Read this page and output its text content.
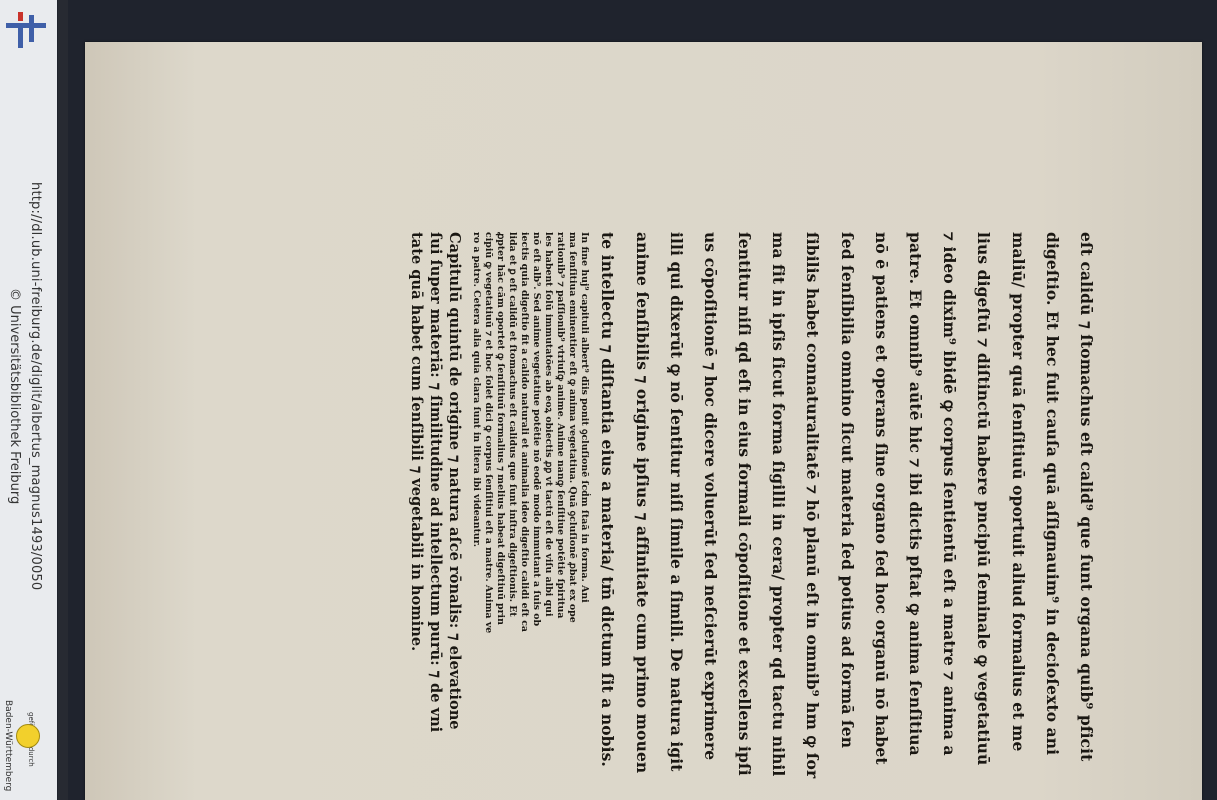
http://dl.ub.uni-freiburg.de/diglit/albertus_magnus1493/0050
© Universitätsbibliothek Freiburg
Baden-Württemberg	eſt calidū ⁊ ſtomachus eſt calid⁹ que ſunt organa quib⁹ pficit
digeſtio. Et hec fuit cauſa quā aſſignauim⁹ in decioſexto ani
maliū/ propter quā ſenſitiuū oportuit aliud formalius et me
lius digeſtū ⁊ diſtinctū habere pncipiū ſeminale ꝙ vegetatiuū
⁊ ideo dixim⁹ ibidē ꝙ corpus ſentientū eſt a matre ⁊ anima a
patre. Et omnib⁹ aūtē hic ⁊ ibi dictis pſtat ꝙ anima ſenſitiua
nō ē patiens et operans ſine organo ſed hoc organū nō habet
ſed ſenſibilia omnino ſicut materia ſed potius ad formā ſen
ſibilis habet connaturalitatē ⁊ hō planū eſt in omnib⁹ hm ꝙ ſor
ma fit in ipſis ſicut forma ſigilli in cera/ propter qd tactu nihil
ſentitur niſi qd eſt in eius formali cōpoſitione et excellens ipſi
us cōpoſitionē ⁊ hoc dicere voluerūt ſed neſcierūt exprimere
illi qui dixerūt ꝙ nō ſentitur niſi ſimile a ſimili. De natura igit
anime ſenſibilis ⁊ origine ipſius ⁊ affinitate cum primo mouen
te intellectu ⁊ diſtantia eius a materia/ tm̄ dictum ſit a nobis.
In fine huj⁹ capituli albert⁹ dīis ponit ꝯcluſionē ſcḋm ſtaā in forma. Ani
ma ſenſitiua eminentior eſt ꝙ anima vegetatiua. Quā ꝯcluſionē ꝓbat ex ope
rationib⁹ ⁊ paſſionib⁹ vtriuſꝙ anime. Anime nanꝙ ſenſitiue potētie ſpiritua
les habent ſolū immutatōes ab eoꝝ obiectis ꝓꝑ vt tactū eſt de viſu albi qui
nō eſt alb⁹. Sed anime vegetatiue potētie nō eodē modo immutant a ſuis ob
iectis quia digeſtio fit a calido naturali et animalia ideo digeſtio calidi eſt ca
lida et ꝑ eſt calidū et ſtomachus eſt calidus que ſunt inſtra digeſtionis. Et
ꝓpter hāc cām oportet ꝙ ſenſitiuū formalius ⁊ melius habeat digeſtiuū prin
cipiū ꝙ vegetatiuū ⁊ et hoc ſolet dici ꝙ corpus ſenſitiui eſt a matre. Anima ve
ro a patre. Cetera alia quia clara ſunt in litera ibi videantur.
Capitulū quintū de origine ⁊ natura aſcē rōnalis: ⁊ elevatione
ſui ſuper materiā: ⁊ ſimilitudine ad intellectum purū: ⁊ de vni
tate quā habet cum ſenſibili ⁊ vegetabili in homine.
